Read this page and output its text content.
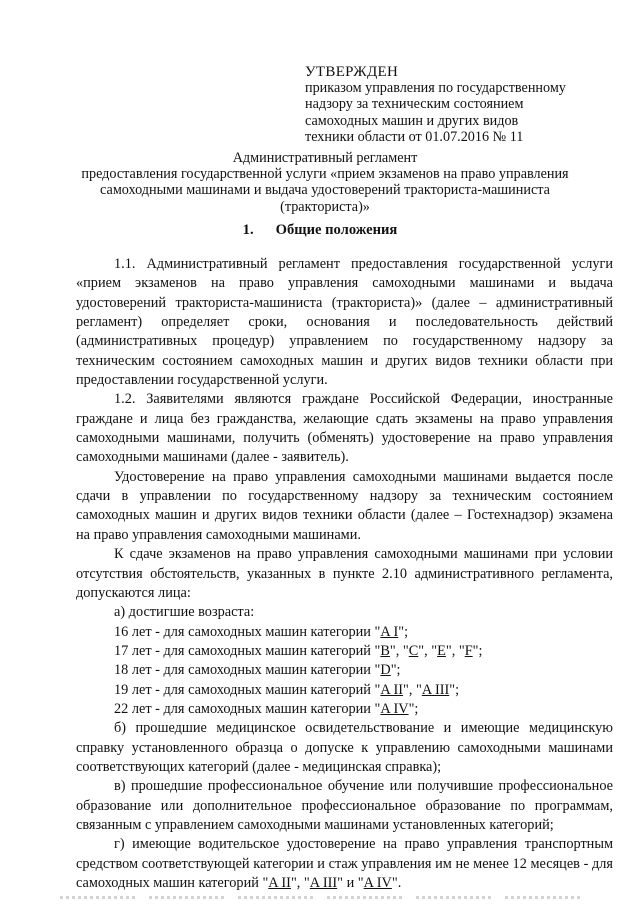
УТВЕРЖДЕН
приказом управления по государственному
надзору за техническим состоянием
самоходных машин и других видов
техники области от 01.07.2016 № 11
Административный регламент
предоставления государственной услуги «прием экзаменов на право управления
самоходными машинами и выдача удостоверений тракториста-машиниста
(тракториста)»
1. Общие положения

1.1. Административный регламент предоставления государственной услуги «прием экзаменов на право управления самоходными машинами и выдача удостоверений тракториста-машиниста (тракториста)» (далее – административный регламент) определяет сроки, основания и последовательность действий (административных процедур) управлением по государственному надзору за техническим состоянием самоходных машин и других видов техники области при предоставлении государственной услуги.

1.2. Заявителями являются граждане Российской Федерации, иностранные граждане и лица без гражданства, желающие сдать экзамены на право управления самоходными машинами, получить (обменять) удостоверение на право управления самоходными машинами (далее - заявитель).

Удостоверение на право управления самоходными машинами выдается после сдачи в управлении по государственному надзору за техническим состоянием самоходных машин и других видов техники области (далее – Гостехнадзор) экзамена на право управления самоходными машинами.

К сдаче экзаменов на право управления самоходными машинами при условии отсутствия обстоятельств, указанных в пункте 2.10 административного регламента, допускаются лица:

а) достигшие возраста:

16 лет - для самоходных машин категории "A I";

17 лет - для самоходных машин категорий "B", "C", "E", "F";

18 лет - для самоходных машин категории "D";

19 лет - для самоходных машин категорий "A II", "A III";

22 лет - для самоходных машин категории "A IV";

б) прошедшие медицинское освидетельствование и имеющие медицинскую справку установленного образца о допуске к управлению самоходными машинами соответствующих категорий (далее - медицинская справка);

в) прошедшие профессиональное обучение или получившие профессиональное образование или дополнительное профессиональное образование по программам, связанным с управлением самоходными машинами установленных категорий;

г) имеющие водительское удостоверение на право управления транспортным средством соответствующей категории и стаж управления им не менее 12 месяцев - для самоходных машин категорий "A II", "A III" и "A IV".
